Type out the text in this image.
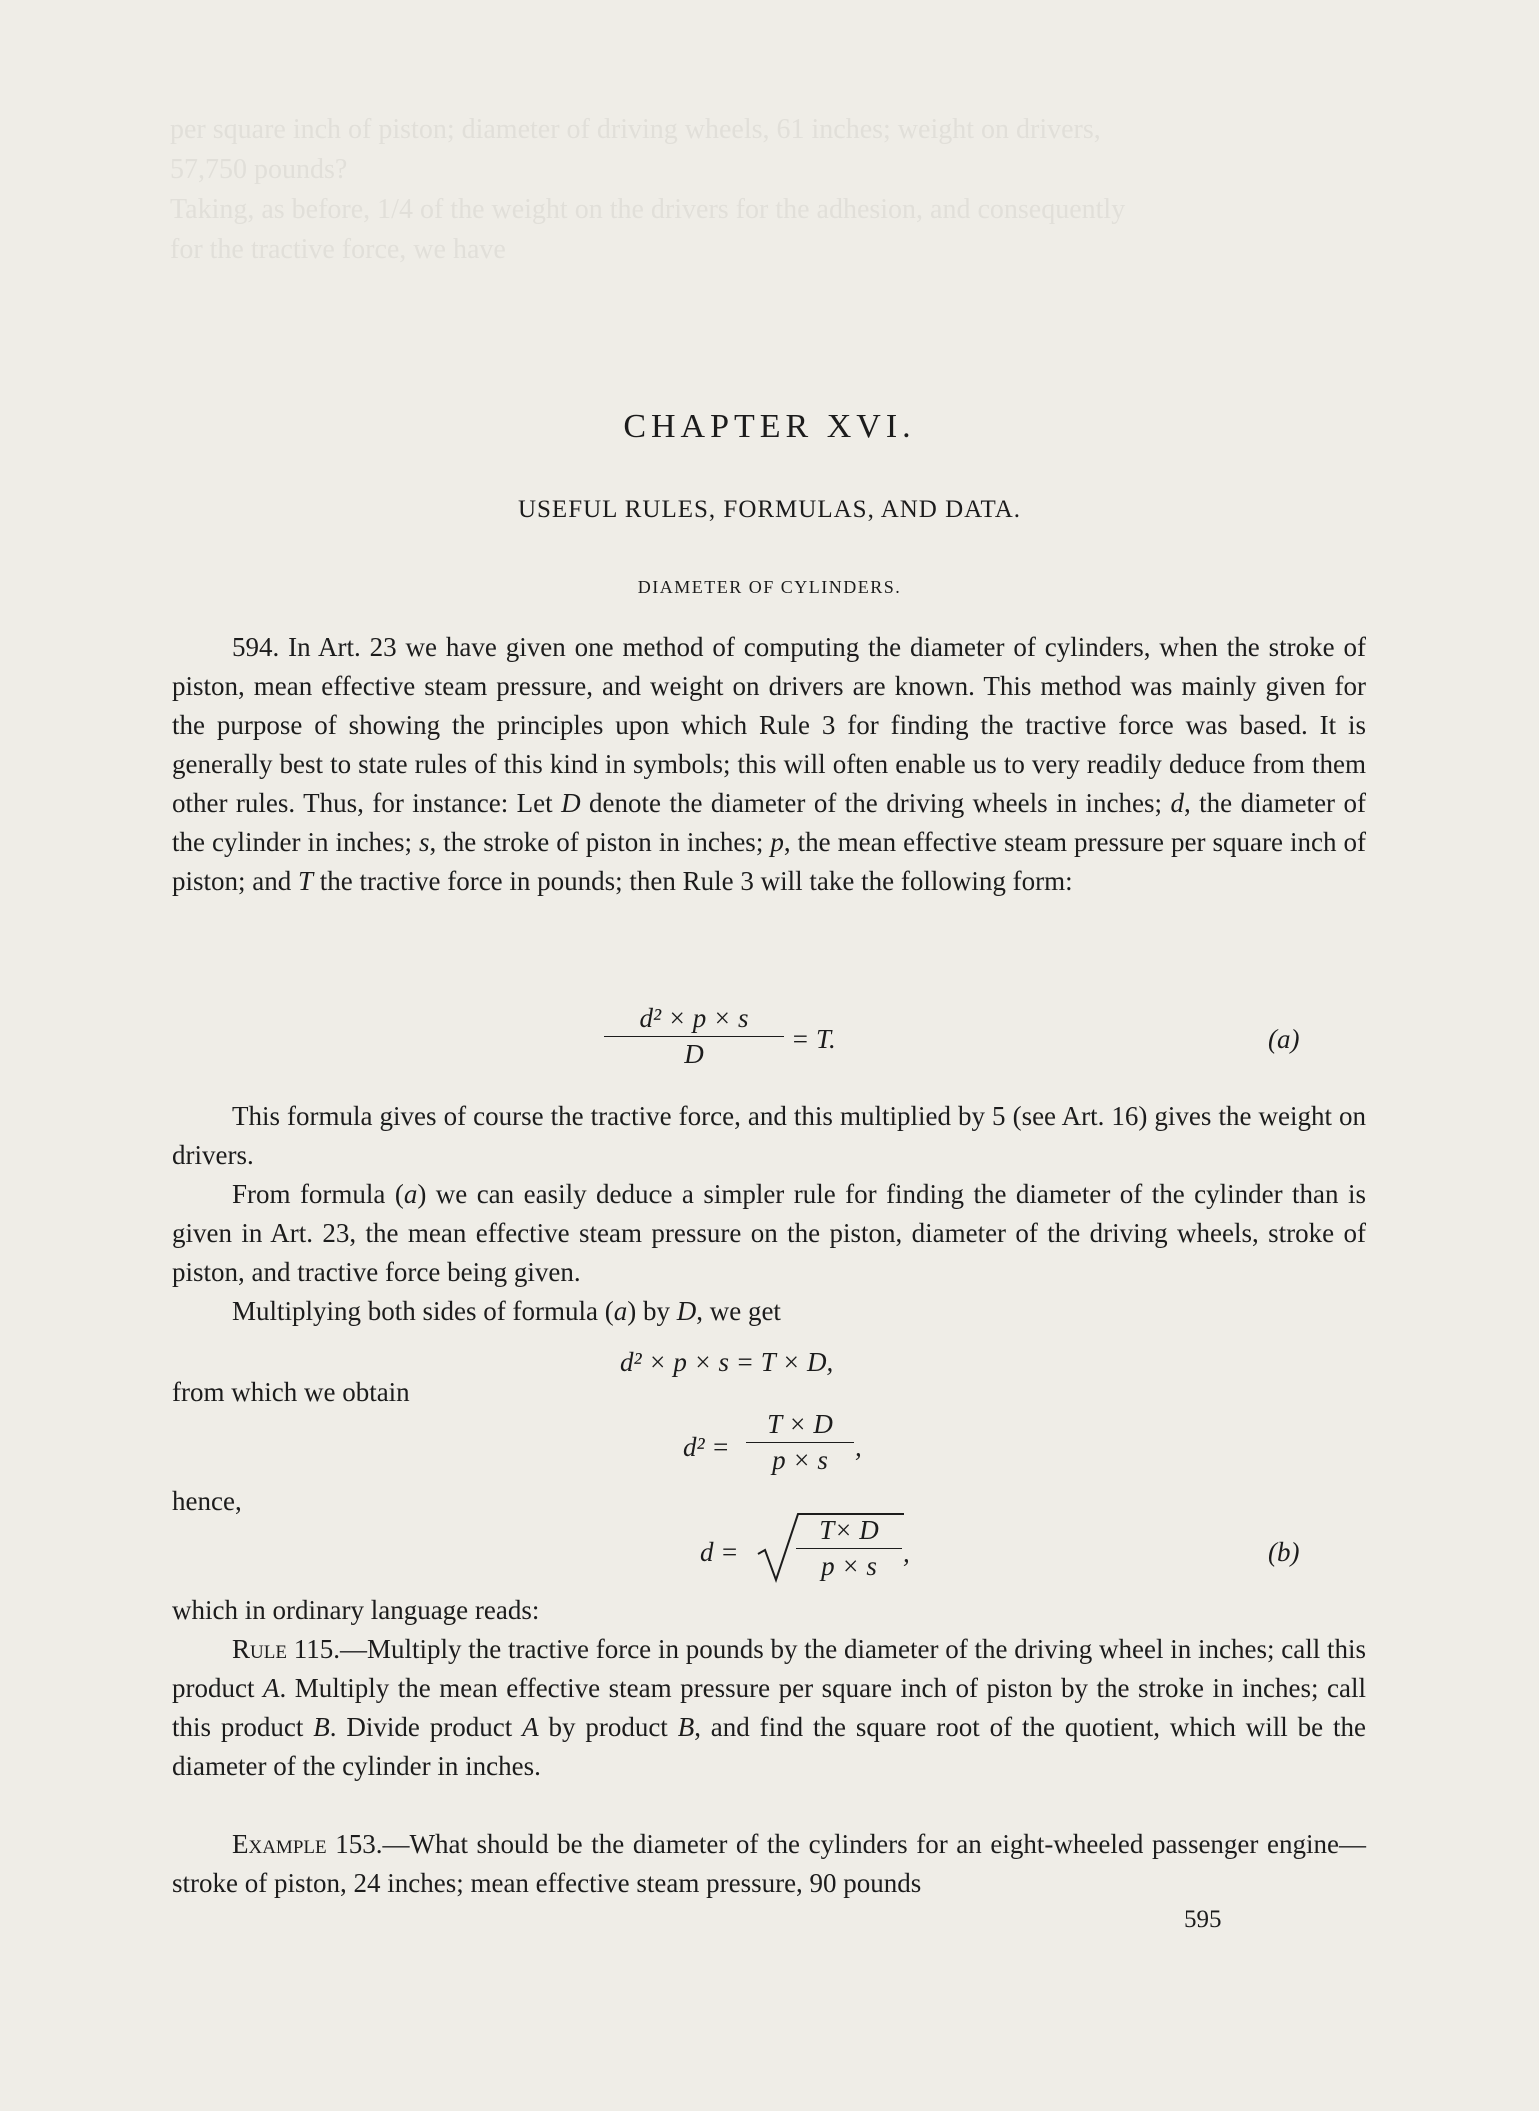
per square inch of piston; diameter of driving wheels, 61 inches; weight on drivers,
57,750 pounds?
Taking, as before, 1/4 of the weight on the drivers for the adhesion, and consequently
for the tractive force, we have
CHAPTER XVI.
USEFUL RULES, FORMULAS, AND DATA.
DIAMETER OF CYLINDERS.
594. In Art. 23 we have given one method of computing the diameter of cylinders, when the stroke of piston, mean effective steam pressure, and weight on drivers are known. This method was mainly given for the purpose of showing the principles upon which Rule 3 for finding the tractive force was based. It is generally best to state rules of this kind in symbols; this will often enable us to very readily deduce from them other rules. Thus, for instance: Let D denote the diameter of the driving wheels in inches; d, the diameter of the cylinder in inches; s, the stroke of piston in inches; p, the mean effective steam pressure per square inch of piston; and T the tractive force in pounds; then Rule 3 will take the following form:
$\frac{\text{d² × p × s}}{D} = T$.	(a)
This formula gives of course the tractive force, and this multiplied by 5 (see Art. 16) gives the weight on drivers.
From formula (a) we can easily deduce a simpler rule for finding the diameter of the cylinder than is given in Art. 23, the mean effective steam pressure on the piston, diameter of the driving wheels, stroke of piston, and tractive force being given.
Multiplying both sides of formula (a) by D, we get
d² × p × s = T × D,
from which we obtain
$d^2 = \frac{T \times D}{p \times s}$ ,
hence,
$d = \frac{T\times D}{p \times s}$ ,	(b)
which in ordinary language reads:
Rule 115.—Multiply the tractive force in pounds by the diameter of the driving wheel in inches; call this product A. Multiply the mean effective steam pressure per square inch of piston by the stroke in inches; call this product B. Divide product A by product B, and find the square root of the quotient, which will be the diameter of the cylinder in inches.
Example 153.—What should be the diameter of the cylinders for an eight-wheeled passenger engine—stroke of piston, 24 inches; mean effective steam pressure, 90 pounds
595
